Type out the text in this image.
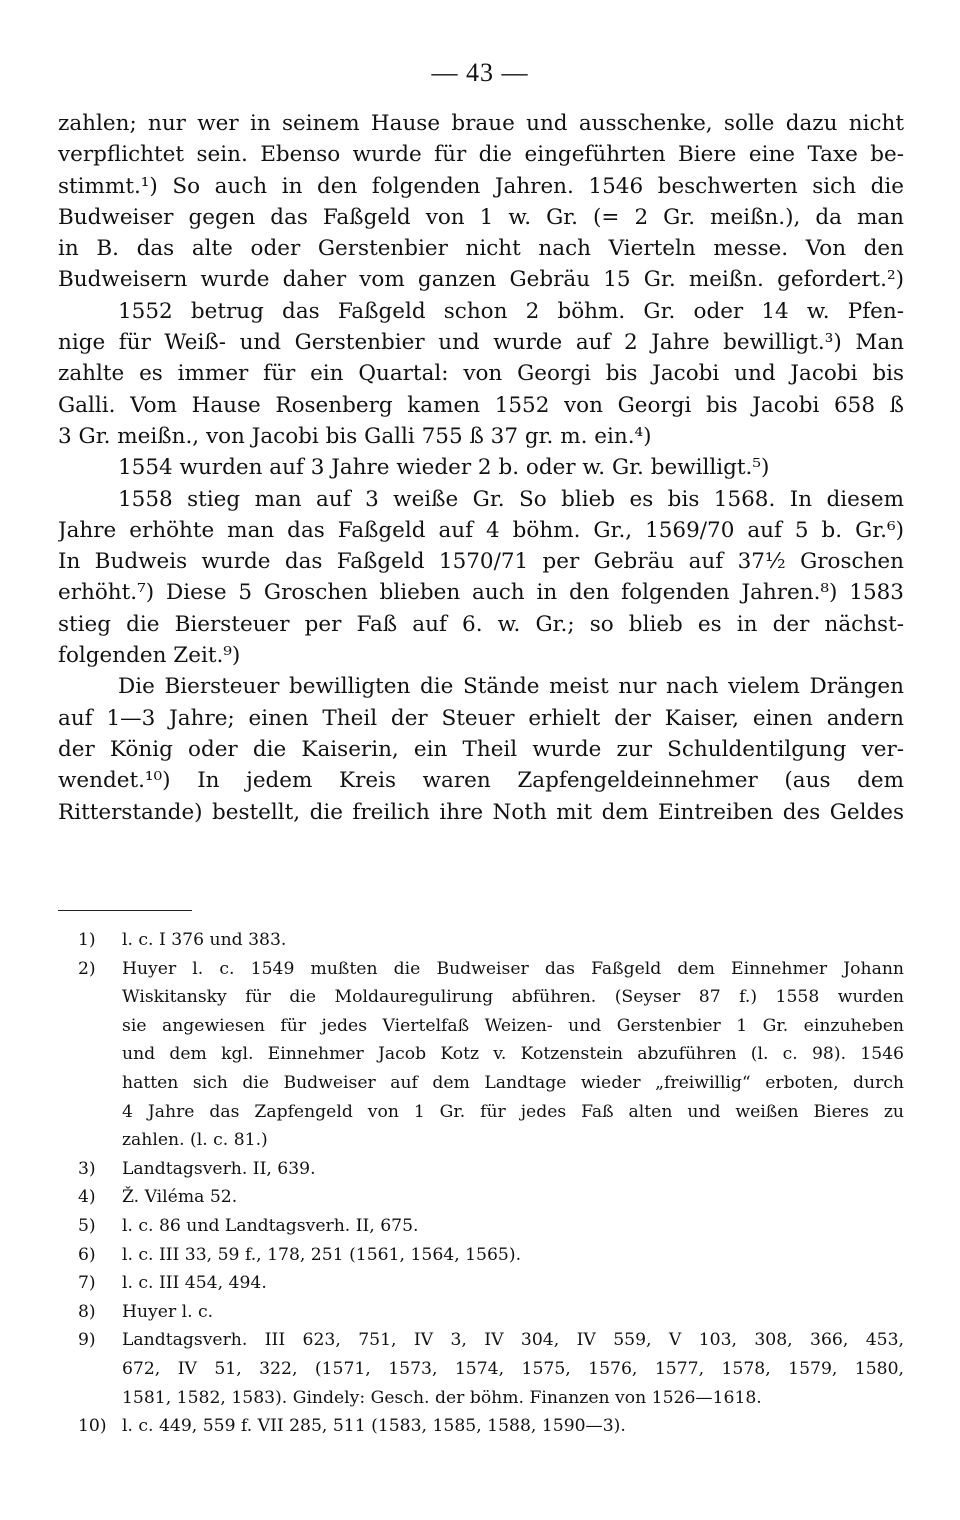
— 43 —
zahlen; nur wer in seinem Hause braue und ausschenke, solle dazu nicht
verpflichtet sein. Ebenso wurde für die eingeführten Biere eine Taxe be-
stimmt.¹) So auch in den folgenden Jahren. 1546 beschwerten sich die
Budweiser gegen das Faßgeld von 1 w. Gr. (= 2 Gr. meißn.), da man
in B. das alte oder Gerstenbier nicht nach Vierteln messe. Von den
Budweisern wurde daher vom ganzen Gebräu 15 Gr. meißn. gefordert.²)
1552 betrug das Faßgeld schon 2 böhm. Gr. oder 14 w. Pfen-
nige für Weiß- und Gerstenbier und wurde auf 2 Jahre bewilligt.³) Man
zahlte es immer für ein Quartal: von Georgi bis Jacobi und Jacobi bis
Galli. Vom Hause Rosenberg kamen 1552 von Georgi bis Jacobi 658 ß
3 Gr. meißn., von Jacobi bis Galli 755 ß 37 gr. m. ein.⁴)
1554 wurden auf 3 Jahre wieder 2 b. oder w. Gr. bewilligt.⁵)
1558 stieg man auf 3 weiße Gr. So blieb es bis 1568. In diesem
Jahre erhöhte man das Faßgeld auf 4 böhm. Gr., 1569/70 auf 5 b. Gr.⁶)
In Budweis wurde das Faßgeld 1570/71 per Gebräu auf 37½ Groschen
erhöht.⁷) Diese 5 Groschen blieben auch in den folgenden Jahren.⁸) 1583
stieg die Biersteuer per Faß auf 6. w. Gr.; so blieb es in der nächst-
folgenden Zeit.⁹)
Die Biersteuer bewilligten die Stände meist nur nach vielem Drängen
auf 1—3 Jahre; einen Theil der Steuer erhielt der Kaiser, einen andern
der König oder die Kaiserin, ein Theil wurde zur Schuldentilgung ver-
wendet.¹⁰) In jedem Kreis waren Zapfengeldeinnehmer (aus dem
Ritterstande) bestellt, die freilich ihre Noth mit dem Eintreiben des Geldes
1)	l. c. I 376 und 383.
2)	Huyer l. c. 1549 mußten die Budweiser das Faßgeld dem Einnehmer Johann
Wiskitansky für die Moldauregulirung abführen. (Seyser 87 f.) 1558 wurden
sie angewiesen für jedes Viertelfaß Weizen- und Gerstenbier 1 Gr. einzuheben
und dem kgl. Einnehmer Jacob Kotz v. Kotzenstein abzuführen (l. c. 98). 1546
hatten sich die Budweiser auf dem Landtage wieder „freiwillig“ erboten, durch
4 Jahre das Zapfengeld von 1 Gr. für jedes Faß alten und weißen Bieres zu
zahlen. (l. c. 81.)
3)	Landtagsverh. II, 639.
4)	Ž. Viléma 52.
5)	l. c. 86 und Landtagsverh. II, 675.
6)	l. c. III 33, 59 f., 178, 251 (1561, 1564, 1565).
7)	l. c. III 454, 494.
8)	Huyer l. c.
9)	Landtagsverh. III 623, 751, IV 3, IV 304, IV 559, V 103, 308, 366, 453,
672, IV 51, 322, (1571, 1573, 1574, 1575, 1576, 1577, 1578, 1579, 1580,
1581, 1582, 1583). Gindely: Gesch. der böhm. Finanzen von 1526—1618.
10) l. c. 449, 559 f. VII 285, 511 (1583, 1585, 1588, 1590—3).
